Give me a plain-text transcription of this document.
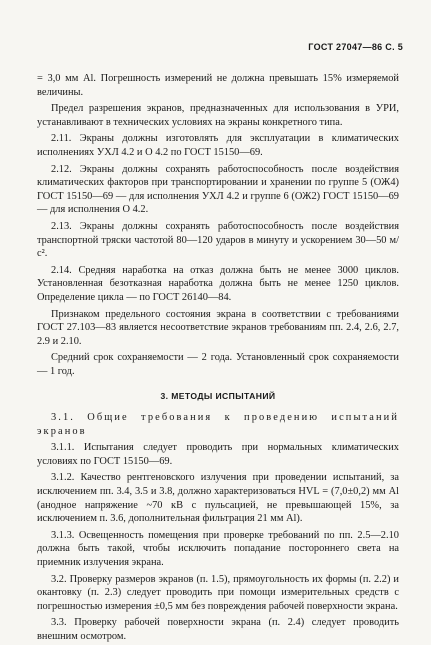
ГОСТ 27047—86 С. 5

= 3,0 мм Al. Погрешность измерений не должна превышать 15% измеряемой величины.

Предел разрешения экранов, предназначенных для использования в УРИ, устанавливают в технических условиях на экраны конкретного типа.

2.11. Экраны должны изготовлять для эксплуатации в климатических исполнениях УХЛ 4.2 и О 4.2 по ГОСТ 15150—69.

2.12. Экраны должны сохранять работоспособность после воздействия климатических факторов при транспортировании и хранении по группе 5 (ОЖ4) ГОСТ 15150—69 — для исполнения УХЛ 4.2 и группе 6 (ОЖ2) ГОСТ 15150—69 — для исполнения О 4.2.

2.13. Экраны должны сохранять работоспособность после воздействия транспортной тряски частотой 80—120 ударов в минуту и ускорением 30—50 м/с².

2.14. Средняя наработка на отказ должна быть не менее 3000 циклов. Установленная безотказная наработка должна быть не менее 1250 циклов. Определение цикла — по ГОСТ 26140—84.

Признаком предельного состояния экрана в соответствии с требованиями ГОСТ 27.103—83 является несоответствие экранов требованиям пп. 2.4, 2.6, 2.7, 2.9 и 2.10.

Средний срок сохраняемости — 2 года. Установленный срок сохраняемости — 1 год.

3. МЕТОДЫ ИСПЫТАНИЙ

3.1. Общие требования к проведению испытаний экранов

3.1.1. Испытания следует проводить при нормальных климатических условиях по ГОСТ 15150—69.

3.1.2. Качество рентгеновского излучения при проведении испытаний, за исключением пп. 3.4, 3.5 и 3.8, должно характеризоваться HVL = (7,0±0,2) мм Al (анодное напряжение ~70 кВ с пульсацией, не превышающей 15%, за исключением п. 3.6, дополнительная фильтрация 21 мм Al).

3.1.3. Освещенность помещения при проверке требований по пп. 2.5—2.10 должна быть такой, чтобы исключить попадание постороннего света на приемник излучения экрана.

3.2. Проверку размеров экранов (п. 1.5), прямоугольность их формы (п. 2.2) и окантовку (п. 2.3) следует проводить при помощи измерительных средств с погрешностью измерения ±0,5 мм без повреждения рабочей поверхности экрана.

3.3. Проверку рабочей поверхности экрана (п. 2.4) следует проводить внешним осмотром.
